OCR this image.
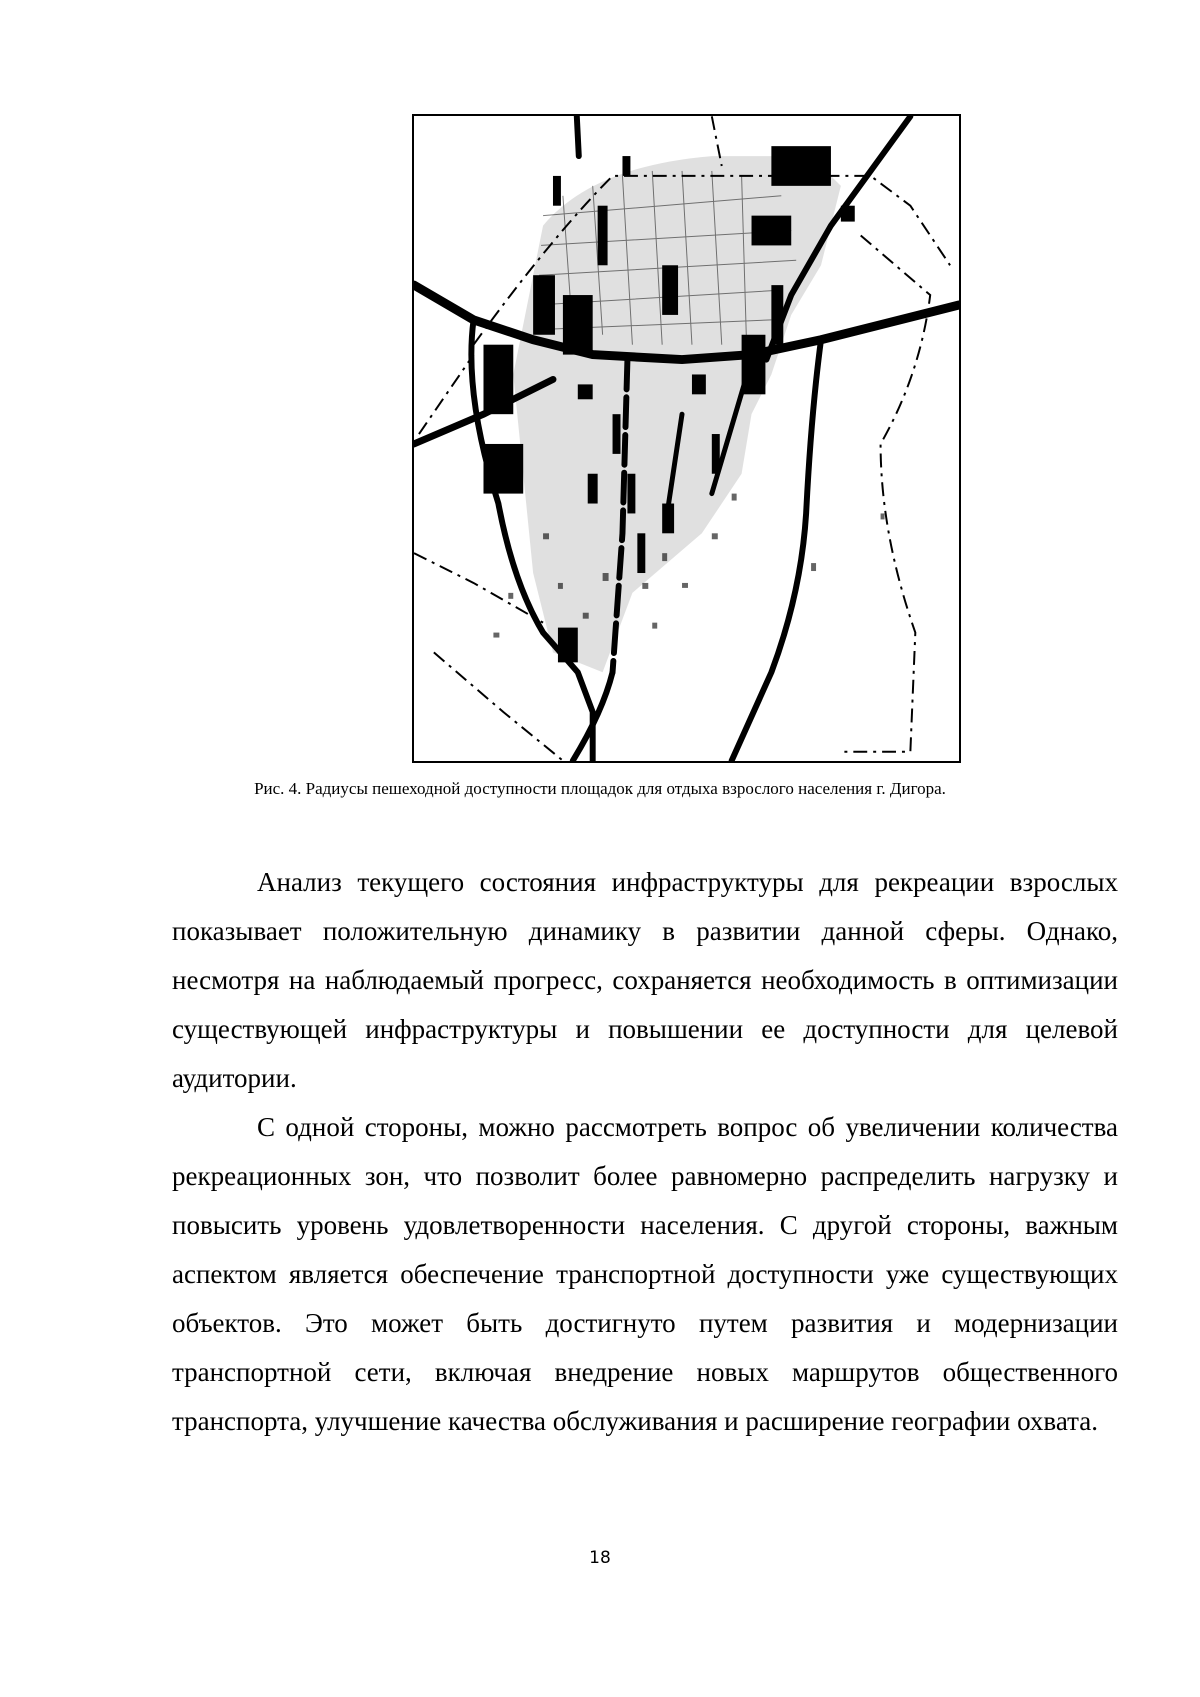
Рис. 4. Радиусы пешеходной доступности площадок для отдыха взрослого населения г. Дигора.

Анализ текущего состояния инфраструктуры для рекреации взрослых показывает положительную динамику в развитии данной сферы. Однако, несмотря на наблюдаемый прогресс, сохраняется необходимость в оптимизации существующей инфраструктуры и повышении ее доступности для целевой аудитории.

С одной стороны, можно рассмотреть вопрос об увеличении количества рекреационных зон, что позволит более равномерно распределить нагрузку и повысить уровень удовлетворенности населения. С другой стороны, важным аспектом является обеспечение транспортной доступности уже существующих объектов. Это может быть достигнуто путем развития и модернизации транспортной сети, включая внедрение новых маршрутов общественного транспорта, улучшение качества обслуживания и расширение географии охвата.

18
